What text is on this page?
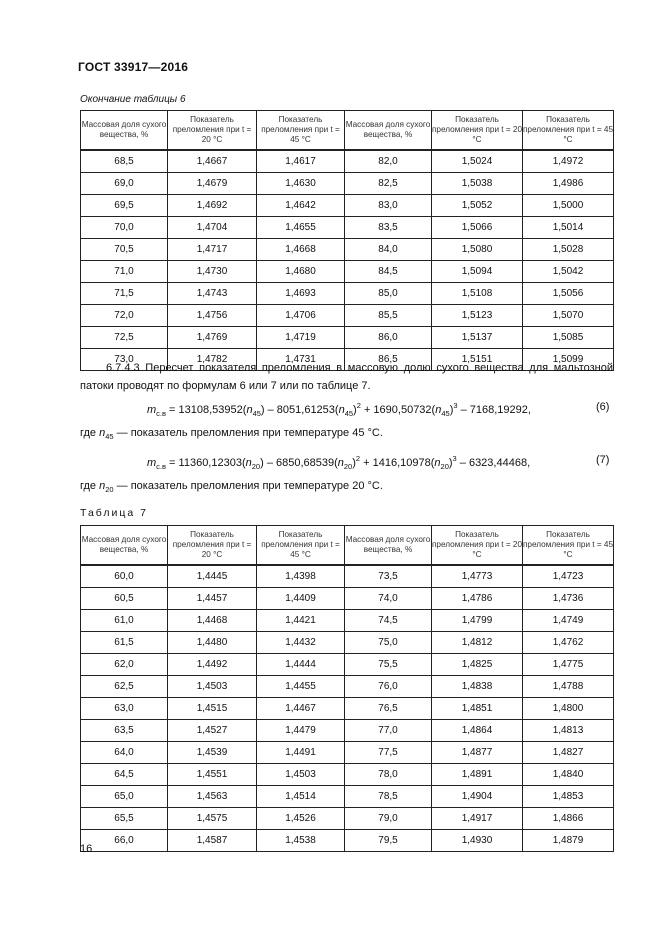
ГОСТ 33917—2016
Окончание таблицы 6
Массовая доля сухого вещества, %	Показатель преломления при t = 20 °C	Показатель преломления при t = 45 °C	Массовая доля сухого вещества, %	Показатель преломления при t = 20 °C	Показатель преломления при t = 45 °C
68,5	1,4667	1,4617	82,0	1,5024	1,4972
69,0	1,4679	1,4630	82,5	1,5038	1,4986
69,5	1,4692	1,4642	83,0	1,5052	1,5000
70,0	1,4704	1,4655	83,5	1,5066	1,5014
70,5	1,4717	1,4668	84,0	1,5080	1,5028
71,0	1,4730	1,4680	84,5	1,5094	1,5042
71,5	1,4743	1,4693	85,0	1,5108	1,5056
72,0	1,4756	1,4706	85,5	1,5123	1,5070
72,5	1,4769	1,4719	86,0	1,5137	1,5085
73,0	1,4782	1,4731	86,5	1,5151	1,5099
6.7.4.3 Пересчет показателя преломления в массовую долю сухого вещества для мальтозной патоки проводят по формулам 6 или 7 или по таблице 7.
$m_{с.в} = 13108,53952(n_{45}) - 8051,61253(n_{45})^2 + 1690,50732(n_{45})^3 - 7168,19292$,	(6)
где $n_{45}$ — показатель преломления при температуре 45 °С.
$m_{с.в} = 11360,12303(n_{20}) - 6850,68539(n_{20})^2 + 1416,10978(n_{20})^3 - 6323,44468$,	(7)
где $n_{20}$ — показатель преломления при температуре 20 °С.
Таблица 7
Массовая доля сухого вещества, %	Показатель преломления при t = 20 °C	Показатель преломления при t = 45 °C	Массовая доля сухого вещества, %	Показатель преломления при t = 20 °C	Показатель преломления при t = 45 °C
60,0	1,4445	1,4398	73,5	1,4773	1,4723
60,5	1,4457	1,4409	74,0	1,4786	1,4736
61,0	1,4468	1,4421	74,5	1,4799	1,4749
61,5	1,4480	1,4432	75,0	1,4812	1,4762
62,0	1,4492	1,4444	75,5	1,4825	1,4775
62,5	1,4503	1,4455	76,0	1,4838	1,4788
63,0	1,4515	1,4467	76,5	1,4851	1,4800
63,5	1,4527	1,4479	77,0	1,4864	1,4813
64,0	1,4539	1,4491	77,5	1,4877	1,4827
64,5	1,4551	1,4503	78,0	1,4891	1,4840
65,0	1,4563	1,4514	78,5	1,4904	1,4853
65,5	1,4575	1,4526	79,0	1,4917	1,4866
66,0	1,4587	1,4538	79,5	1,4930	1,4879
16
